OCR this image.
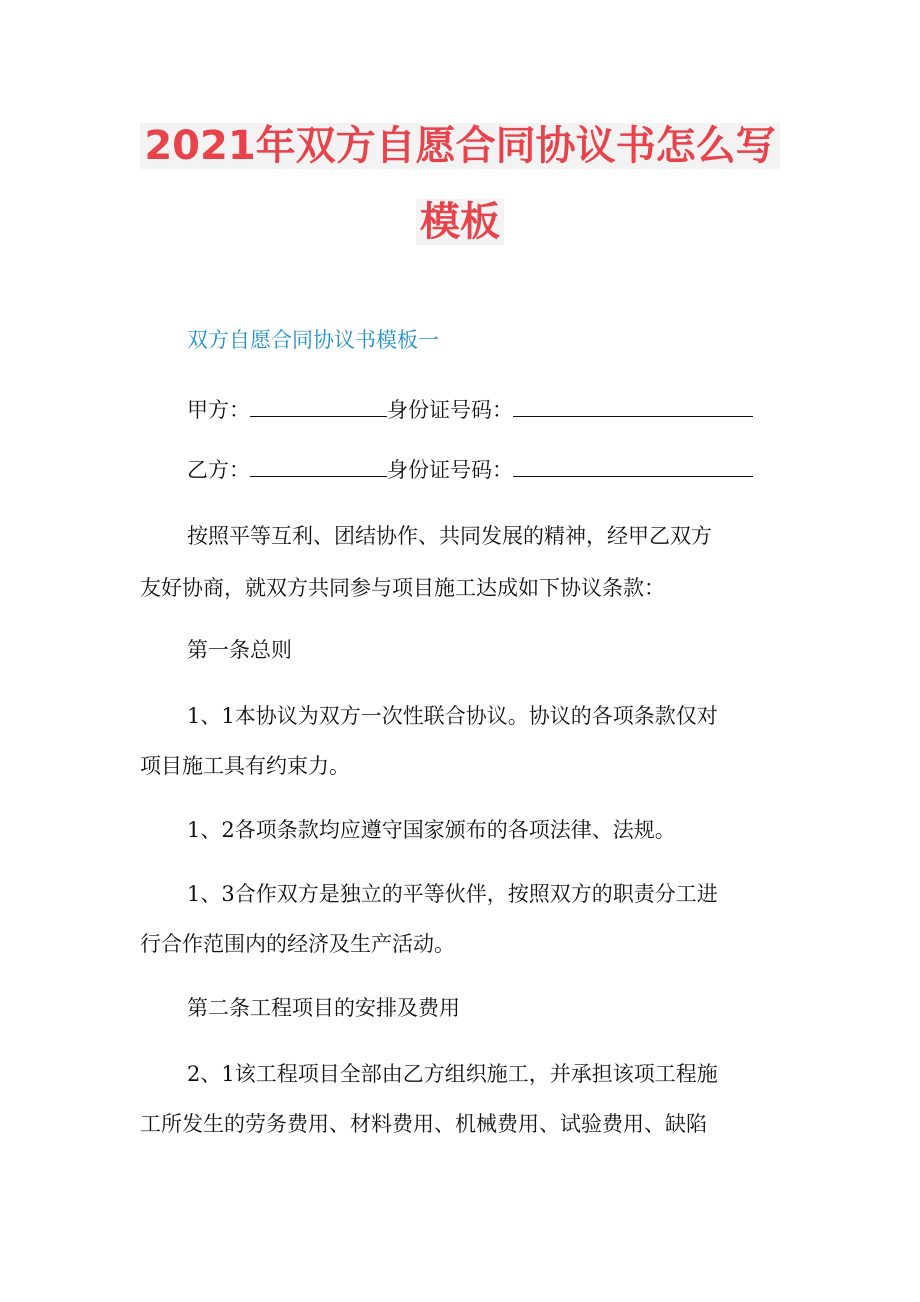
2021年双方自愿合同协议书怎么写
模板
双方自愿合同协议书模板一
甲方：	身份证号码：
乙方：	身份证号码：
按照平等互利、团结协作、共同发展的精神，经甲乙双方
友好协商，就双方共同参与项目施工达成如下协议条款：
第一条总则
1、1本协议为双方一次性联合协议。协议的各项条款仅对
项目施工具有约束力。
1、2各项条款均应遵守国家颁布的各项法律、法规。
1、3合作双方是独立的平等伙伴，按照双方的职责分工进
行合作范围内的经济及生产活动。
第二条工程项目的安排及费用
2、1该工程项目全部由乙方组织施工，并承担该项工程施
工所发生的劳务费用、材料费用、机械费用、试验费用、缺陷
